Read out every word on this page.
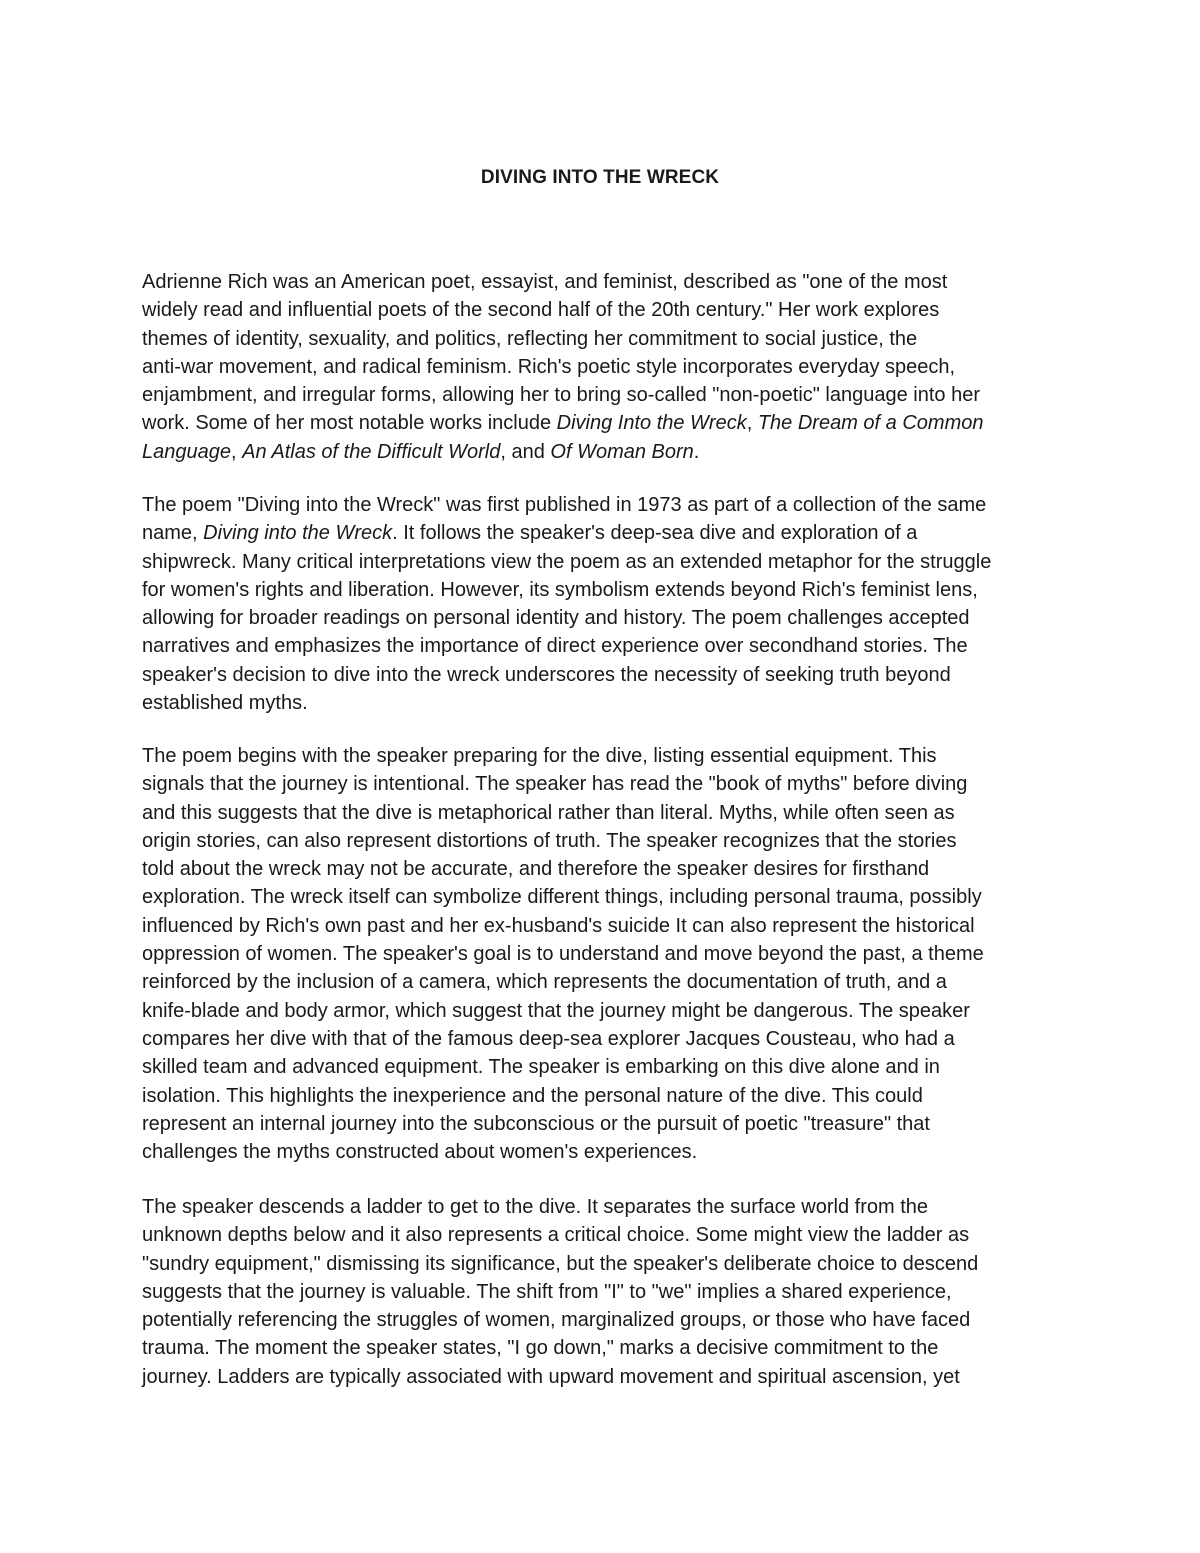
DIVING INTO THE WRECK
Adrienne Rich was an American poet, essayist, and feminist, described as "one of the most
widely read and influential poets of the second half of the 20th century." Her work explores
themes of identity, sexuality, and politics, reflecting her commitment to social justice, the
anti-war movement, and radical feminism. Rich's poetic style incorporates everyday speech,
enjambment, and irregular forms, allowing her to bring so-called "non-poetic" language into her
work. Some of her most notable works include Diving Into the Wreck, The Dream of a Common
Language, An Atlas of the Difficult World, and Of Woman Born.
The poem "Diving into the Wreck" was first published in 1973 as part of a collection of the same
name, Diving into the Wreck. It follows the speaker's deep-sea dive and exploration of a
shipwreck. Many critical interpretations view the poem as an extended metaphor for the struggle
for women's rights and liberation. However, its symbolism extends beyond Rich's feminist lens,
allowing for broader readings on personal identity and history. The poem challenges accepted
narratives and emphasizes the importance of direct experience over secondhand stories. The
speaker's decision to dive into the wreck underscores the necessity of seeking truth beyond
established myths.
The poem begins with the speaker preparing for the dive, listing essential equipment. This
signals that the journey is intentional. The speaker has read the "book of myths" before diving
and this suggests that the dive is metaphorical rather than literal. Myths, while often seen as
origin stories, can also represent distortions of truth. The speaker recognizes that the stories
told about the wreck may not be accurate, and therefore the speaker desires for firsthand
exploration. The wreck itself can symbolize different things, including personal trauma, possibly
influenced by Rich's own past and her ex-husband's suicide It can also represent the historical
oppression of women. The speaker's goal is to understand and move beyond the past, a theme
reinforced by the inclusion of a camera, which represents the documentation of truth, and a
knife-blade and body armor, which suggest that the journey might be dangerous. The speaker
compares her dive with that of the famous deep-sea explorer Jacques Cousteau, who had a
skilled team and advanced equipment. The speaker is embarking on this dive alone and in
isolation. This highlights the inexperience and the personal nature of the dive. This could
represent an internal journey into the subconscious or the pursuit of poetic "treasure" that
challenges the myths constructed about women's experiences.
The speaker descends a ladder to get to the dive. It separates the surface world from the
unknown depths below and it also represents a critical choice. Some might view the ladder as
"sundry equipment," dismissing its significance, but the speaker's deliberate choice to descend
suggests that the journey is valuable. The shift from "I" to "we" implies a shared experience,
potentially referencing the struggles of women, marginalized groups, or those who have faced
trauma. The moment the speaker states, "I go down," marks a decisive commitment to the
journey. Ladders are typically associated with upward movement and spiritual ascension, yet
